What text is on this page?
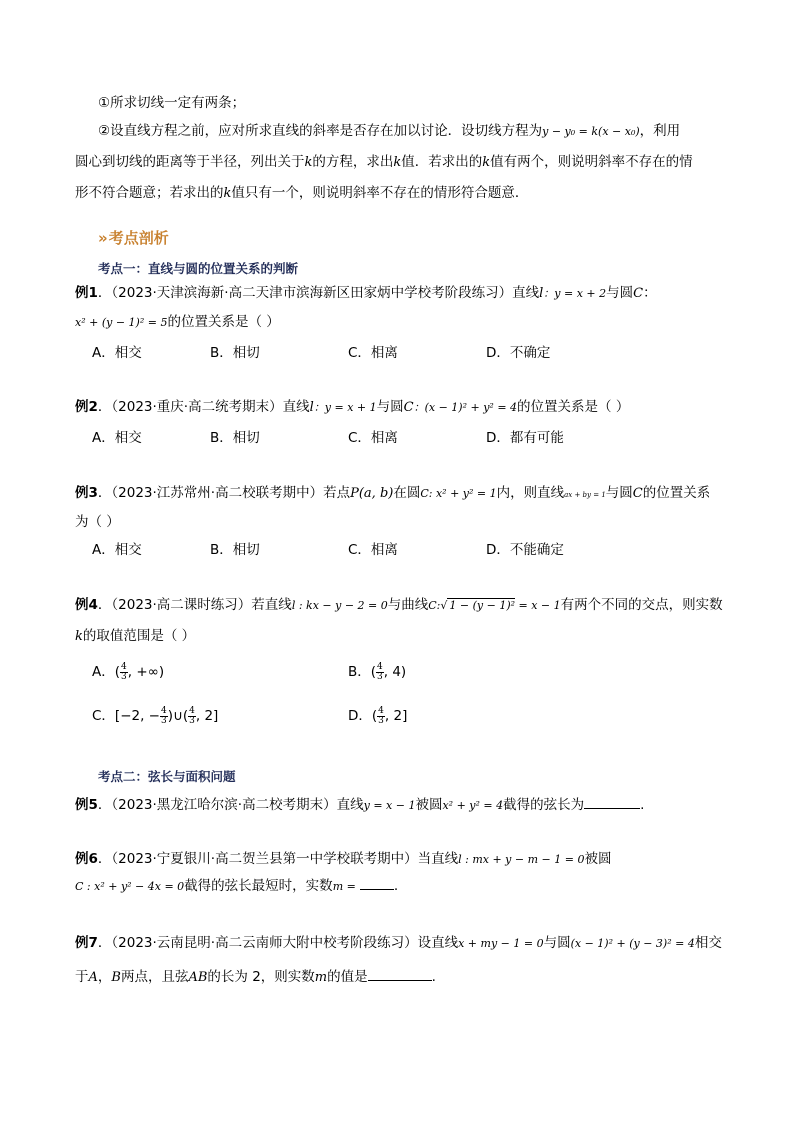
①所求切线一定有两条；
②设直线方程之前，应对所求直线的斜率是否存在加以讨论．设切线方程为y − y₀ = k(x − x₀)，利用
圆心到切线的距离等于半径，列出关于k的方程，求出k值．若求出的k值有两个，则说明斜率不存在的情
形不符合题意；若求出的k值只有一个，则说明斜率不存在的情形符合题意．
» 考点剖析
考点一：直线与圆的位置关系的判断
例1．（2023·天津滨海新·高二天津市滨海新区田家炳中学校考阶段练习）直线l：y = x + 2与圆C：
x² + (y − 1)² = 5的位置关系是（ ）
A．相交	B．相切	C．相离	D．不确定
例2．（2023·重庆·高二统考期末）直线l：y = x + 1与圆C：(x − 1)² + y² = 4的位置关系是（ ）
A．相交	B．相切	C．相离	D．都有可能
例3．（2023·江苏常州·高二校联考期中）若点P(a, b)在圆C: x² + y² = 1内，则直线ax + by = 1与圆C的位置关系
为（ ）
A．相交	B．相切	C．相离	D．不能确定
例4．（2023·高二课时练习）若直线l : kx − y − 2 = 0与曲线C:√ 1 − (y − 1)² = x − 1有两个不同的交点，则实数
k的取值范围是（ ）
A．( $\frac{4}{3}$ , +∞)	B．( $\frac{4}{3}$ , 4)
C．[−2, − $\frac{4}{3}$ )∪( $\frac{4}{3}$ , 2]	D．( $\frac{4}{3}$ , 2]
考点二：弦长与面积问题
例5．（2023·黑龙江哈尔滨·高二校考期末）直线y = x − 1被圆x² + y² = 4截得的弦长为	.
例6．（2023·宁夏银川·高二贺兰县第一中学校联考期中）当直线l : mx + y − m − 1 = 0被圆
C : x² + y² − 4x = 0截得的弦长最短时，实数m =	.
例7．（2023·云南昆明·高二云南师大附中校考阶段练习）设直线x + my − 1 = 0与圆(x − 1)² + (y − 3)² = 4相交
于A，B两点，且弦AB的长为 2，则实数m的值是	.
